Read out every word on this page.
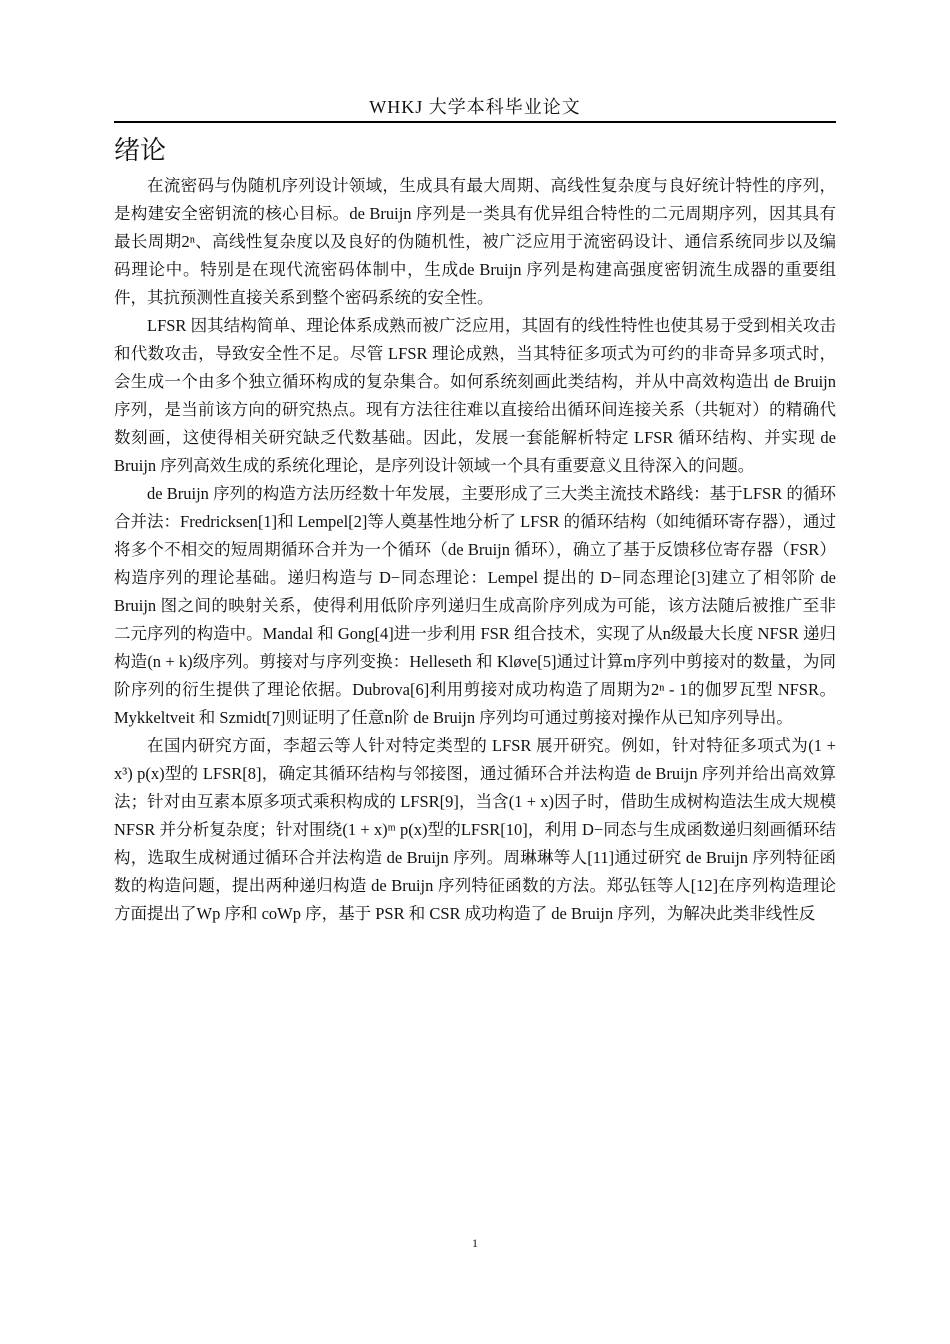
WHKJ 大学本科毕业论文
绪论

在流密码与伪随机序列设计领域，生成具有最大周期、高线性复杂度与良好统计特性的序列，是构建安全密钥流的核心目标。de Bruijn 序列是一类具有优异组合特性的二元周期序列，因其具有最长周期2ⁿ、高线性复杂度以及良好的伪随机性，被广泛应用于流密码设计、通信系统同步以及编码理论中。特别是在现代流密码体制中，生成de Bruijn 序列是构建高强度密钥流生成器的重要组件，其抗预测性直接关系到整个密码系统的安全性。

LFSR 因其结构简单、理论体系成熟而被广泛应用，其固有的线性特性也使其易于受到相关攻击和代数攻击，导致安全性不足。尽管 LFSR 理论成熟，当其特征多项式为可约的非奇异多项式时，会生成一个由多个独立循环构成的复杂集合。如何系统刻画此类结构，并从中高效构造出 de Bruijn 序列，是当前该方向的研究热点。现有方法往往难以直接给出循环间连接关系（共轭对）的精确代数刻画，这使得相关研究缺乏代数基础。因此，发展一套能解析特定 LFSR 循环结构、并实现 de Bruijn 序列高效生成的系统化理论，是序列设计领域一个具有重要意义且待深入的问题。

de Bruijn 序列的构造方法历经数十年发展，主要形成了三大类主流技术路线：基于LFSR 的循环合并法：Fredricksen[1]和 Lempel[2]等人奠基性地分析了 LFSR 的循环结构（如纯循环寄存器），通过将多个不相交的短周期循环合并为一个循环（de Bruijn 循环），确立了基于反馈移位寄存器（FSR）构造序列的理论基础。递归构造与 D−同态理论：Lempel 提出的 D−同态理论[3]建立了相邻阶 de Bruijn 图之间的映射关系，使得利用低阶序列递归生成高阶序列成为可能，该方法随后被推广至非二元序列的构造中。Mandal 和 Gong[4]进一步利用 FSR 组合技术，实现了从n级最大长度 NFSR 递归构造(n + k)级序列。剪接对与序列变换：Helleseth 和 Kløve[5]通过计算m序列中剪接对的数量，为同阶序列的衍生提供了理论依据。Dubrova[6]利用剪接对成功构造了周期为2ⁿ - 1的伽罗瓦型 NFSR。Mykkeltveit 和 Szmidt[7]则证明了任意n阶 de Bruijn 序列均可通过剪接对操作从已知序列导出。

在国内研究方面，李超云等人针对特定类型的 LFSR 展开研究。例如，针对特征多项式为(1 + x³) p(x)型的 LFSR[8]，确定其循环结构与邻接图，通过循环合并法构造 de Bruijn 序列并给出高效算法；针对由互素本原多项式乘积构成的 LFSR[9]，当含(1 + x)因子时，借助生成树构造法生成大规模 NFSR 并分析复杂度；针对围绕(1 + x)ᵐ p(x)型的LFSR[10]，利用 D−同态与生成函数递归刻画循环结构，选取生成树通过循环合并法构造 de Bruijn 序列。周琳琳等人[11]通过研究 de Bruijn 序列特征函数的构造问题，提出两种递归构造 de Bruijn 序列特征函数的方法。郑弘钰等人[12]在序列构造理论方面提出了Wp 序和 coWp 序，基于 PSR 和 CSR 成功构造了 de Bruijn 序列，为解决此类非线性反

1
